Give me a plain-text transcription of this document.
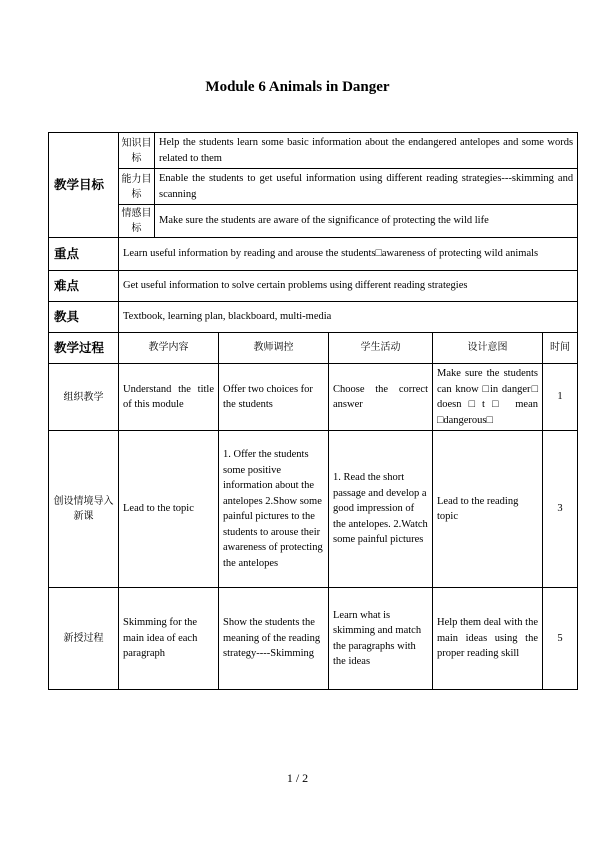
Module 6 Animals in Danger
教学目标	知识目标	Help the students learn some basic information about the endangered antelopes and some words related to them				
	能力目标	Enable the students to get useful information using different reading strategies---skimming and scanning				
	情感目标	Make sure the students are aware of the significance of protecting the wild life				
重点	Learn useful information by reading and arouse the students□awareness of protecting wild animals					
难点	Get useful information to solve certain problems using different reading strategies					
教具	Textbook, learning plan, blackboard, multi-media					
教学过程	教学内容		教师调控	学生活动	设计意图	时间
组织教学	Understand the title of this module		Offer two choices for the students	Choose the correct answer	Make sure the students can know □in danger□ doesn□t□ mean □dangerous□	1
创设情境导入新课	Lead to the topic		1. Offer the students some positive information about the antelopes 2.Show some painful pictures to the students to arouse their awareness of protecting the antelopes	1. Read the short passage and develop a good impression of the antelopes. 2.Watch some painful pictures	Lead to the reading topic	3
新授过程	Skimming for the main idea of each paragraph		Show the students the meaning of the reading strategy----Skimming	Learn what is skimming and match the paragraphs with the ideas	Help them deal with the main ideas using the proper reading skill	5
1 / 2
